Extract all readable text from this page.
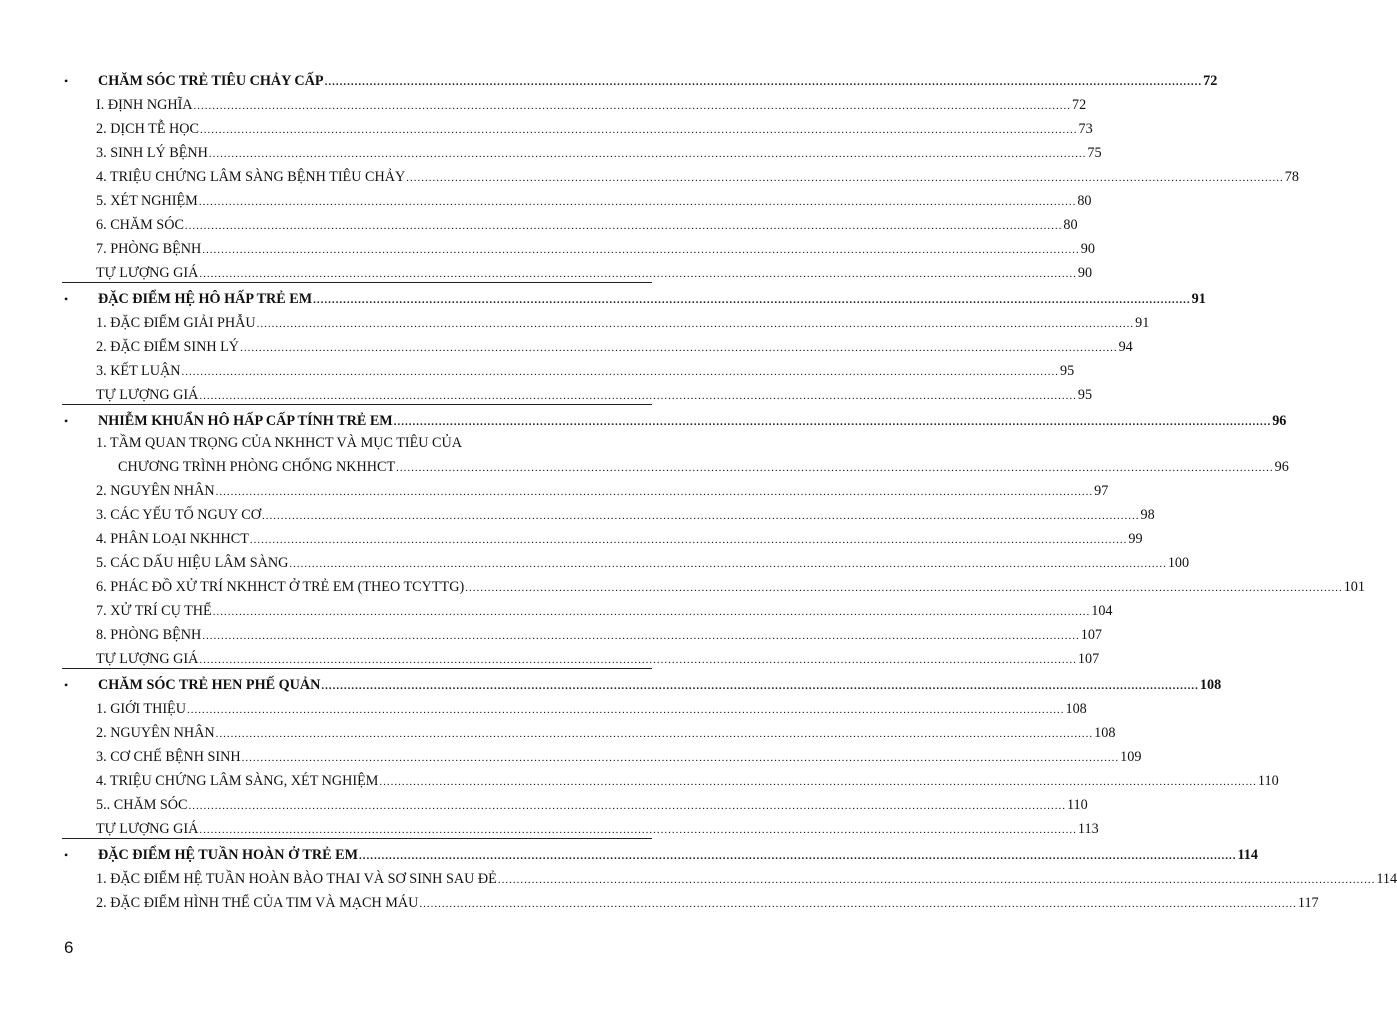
•	CHĂM SÓC TRẺ TIÊU CHẢY CẤP .......................................................................................................................................................................................................................................... 72
I. ĐỊNH NGHĨA .......................................................................................................................................................................................................................................... 72
2. DỊCH TỄ HỌC .......................................................................................................................................................................................................................................... 73
3. SINH LÝ BỆNH .......................................................................................................................................................................................................................................... 75
4. TRIỆU CHỨNG LÂM SÀNG BỆNH TIÊU CHẢY .......................................................................................................................................................................................................................................... 78
5. XÉT NGHIỆM .......................................................................................................................................................................................................................................... 80
6. CHĂM SÓC .......................................................................................................................................................................................................................................... 80
7. PHÒNG BỆNH .......................................................................................................................................................................................................................................... 90
TỰ LƯỢNG GIÁ .......................................................................................................................................................................................................................................... 90
•	ĐẶC ĐIỂM HỆ HÔ HẤP TRẺ EM .......................................................................................................................................................................................................................................... 91
1. ĐẶC ĐIỂM GIẢI PHẪU .......................................................................................................................................................................................................................................... 91
2. ĐẶC ĐIỂM SINH LÝ .......................................................................................................................................................................................................................................... 94
3. KẾT LUẬN .......................................................................................................................................................................................................................................... 95
TỰ LƯỢNG GIÁ .......................................................................................................................................................................................................................................... 95
•	NHIỄM KHUẨN HÔ HẤP CẤP TÍNH TRẺ EM .......................................................................................................................................................................................................................................... 96
1. TẦM QUAN TRỌNG CỦA NKHHCT VÀ MỤC TIÊU CỦA
CHƯƠNG TRÌNH PHÒNG CHỐNG NKHHCT .......................................................................................................................................................................................................................................... 96
2. NGUYÊN NHÂN .......................................................................................................................................................................................................................................... 97
3. CÁC YẾU TỐ NGUY CƠ .......................................................................................................................................................................................................................................... 98
4. PHÂN LOẠI NKHHCT .......................................................................................................................................................................................................................................... 99
5. CÁC DẤU HIỆU LÂM SÀNG .......................................................................................................................................................................................................................................... 100
6. PHÁC ĐỒ XỬ TRÍ NKHHCT Ở TRẺ EM (THEO TCYTTG) .......................................................................................................................................................................................................................................... 101
7. XỬ TRÍ CỤ THỂ .......................................................................................................................................................................................................................................... 104
8. PHÒNG BỆNH .......................................................................................................................................................................................................................................... 107
TỰ LƯỢNG GIÁ .......................................................................................................................................................................................................................................... 107
•	CHĂM SÓC TRẺ HEN PHẾ QUẢN .......................................................................................................................................................................................................................................... 108
1. GIỚI THIỆU .......................................................................................................................................................................................................................................... 108
2. NGUYÊN NHÂN .......................................................................................................................................................................................................................................... 108
3. CƠ CHẾ BỆNH SINH .......................................................................................................................................................................................................................................... 109
4. TRIỆU CHỨNG LÂM SÀNG, XÉT NGHIỆM .......................................................................................................................................................................................................................................... 110
5.. CHĂM SÓC .......................................................................................................................................................................................................................................... 110
TỰ LƯỢNG GIÁ .......................................................................................................................................................................................................................................... 113
•	ĐẶC ĐIỂM HỆ TUẦN HOÀN Ở TRẺ EM .......................................................................................................................................................................................................................................... 114
1. ĐẶC ĐIỂM HỆ TUẦN HOÀN BÀO THAI VÀ SƠ SINH SAU ĐẺ .......................................................................................................................................................................................................................................... 114
2. ĐẶC ĐIỂM HÌNH THỂ CỦA TIM VÀ MẠCH MÁU .......................................................................................................................................................................................................................................... 117
6
